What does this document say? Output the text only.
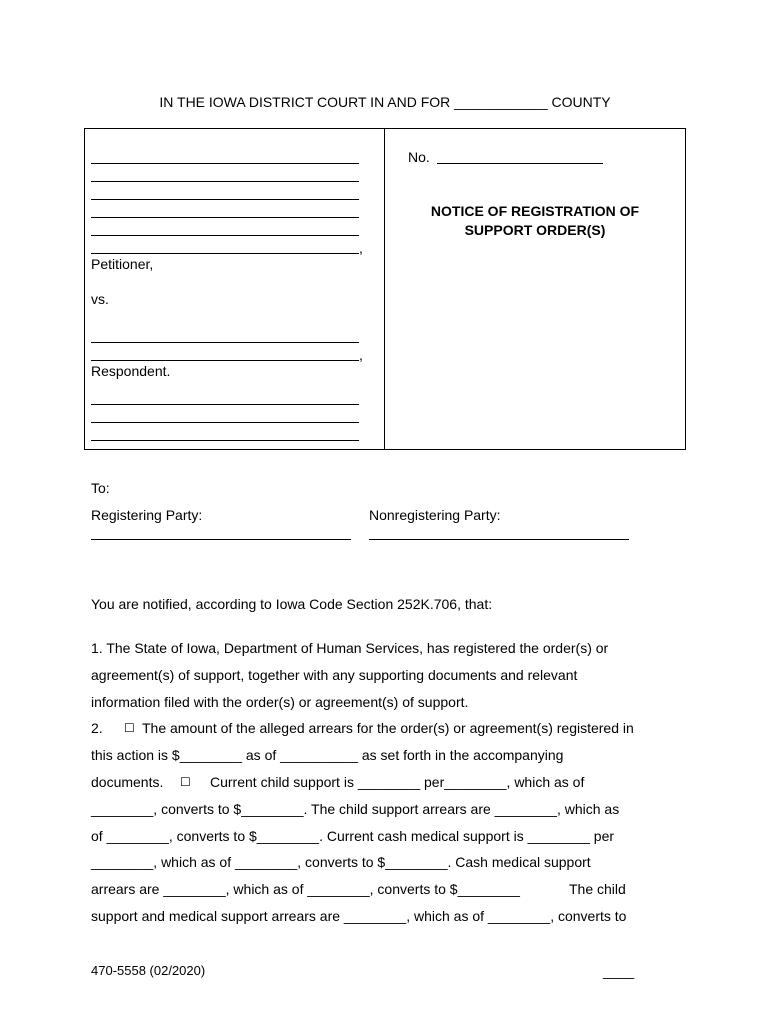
IN THE IOWA DISTRICT COURT IN AND FOR ____________ COUNTY
,
Petitioner,
vs.
,
Respondent.
No.
NOTICE OF REGISTRATION OF
SUPPORT ORDER(S)
To:
Registering Party:	Nonregistering Party:
You are notified, according to Iowa Code Section 252K.706, that:
1. The State of Iowa, Department of Human Services, has registered the order(s) or
agreement(s) of support, together with any supporting documents and relevant
information filed with the order(s) or agreement(s) of support.
2. ☐ The amount of the alleged arrears for the order(s) or agreement(s) registered in
this action is $________ as of __________ as set forth in the accompanying
documents. ☐ Current child support is ________ per________, which as of
________, converts to $________. The child support arrears are ________, which as
of ________, converts to $________. Current cash medical support is ________ per
________, which as of ________, converts to $________. Cash medical support
arrears are ________, which as of ________, converts to $________	The child
support and medical support arrears are ________, which as of ________, converts to
470-5558 (02/2020)	____
